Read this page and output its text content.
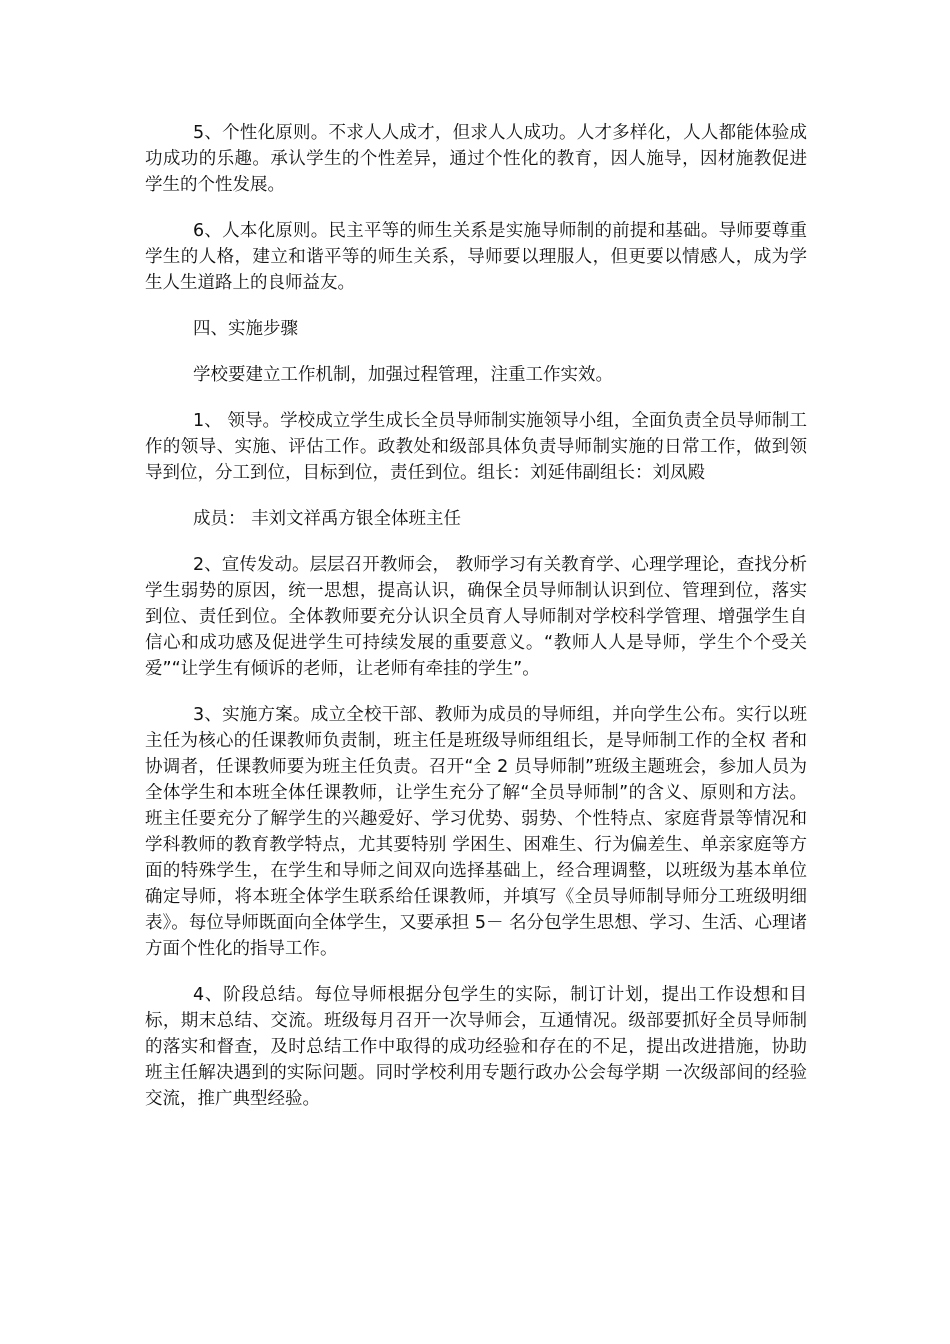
5、个性化原则。不求人人成才，但求人人成功。人才多样化，人人都能体验成功成功的乐趣。承认学生的个性差异，通过个性化的教育，因人施导，因材施教促进学生的个性发展。

6、人本化原则。民主平等的师生关系是实施导师制的前提和基础。导师要尊重学生的人格，建立和谐平等的师生关系，导师要以理服人，但更要以情感人，成为学生人生道路上的良师益友。

四、实施步骤

学校要建立工作机制，加强过程管理，注重工作实效。

1、 领导。学校成立学生成长全员导师制实施领导小组，全面负责全员导师制工作的领导、实施、评估工作。政教处和级部具体负责导师制实施的日常工作，做到领导到位，分工到位，目标到位，责任到位。组长：刘延伟副组长：刘凤殿

成员： 丰刘文祥禹方银全体班主任

2、宣传发动。层层召开教师会， 教师学习有关教育学、心理学理论，查找分析学生弱势的原因，统一思想，提高认识，确保全员导师制认识到位、管理到位，落实到位、责任到位。全体教师要充分认识全员育人导师制对学校科学管理、增强学生自信心和成功感及促进学生可持续发展的重要意义。“教师人人是导师，学生个个受关爱”“让学生有倾诉的老师，让老师有牵挂的学生”。

3、实施方案。成立全校干部、教师为成员的导师组，并向学生公布。实行以班主任为核心的任课教师负责制，班主任是班级导师组组长，是导师制工作的全权 者和协调者，任课教师要为班主任负责。召开“全 2 员导师制”班级主题班会，参加人员为全体学生和本班全体任课教师，让学生充分了解“全员导师制”的含义、原则和方法。班主任要充分了解学生的兴趣爱好、学习优势、弱势、个性特点、家庭背景等情况和学科教师的教育教学特点，尤其要特别 学困生、困难生、行为偏差生、单亲家庭等方面的特殊学生，在学生和导师之间双向选择基础上，经合理调整，以班级为基本单位确定导师，将本班全体学生联系给任课教师，并填写《全员导师制导师分工班级明细表》。每位导师既面向全体学生，又要承担 5－ 名分包学生思想、学习、生活、心理诸方面个性化的指导工作。

4、阶段总结。每位导师根据分包学生的实际，制订计划，提出工作设想和目标，期末总结、交流。班级每月召开一次导师会，互通情况。级部要抓好全员导师制的落实和督查，及时总结工作中取得的成功经验和存在的不足，提出改进措施，协助班主任解决遇到的实际问题。同时学校利用专题行政办公会每学期 一次级部间的经验交流，推广典型经验。
